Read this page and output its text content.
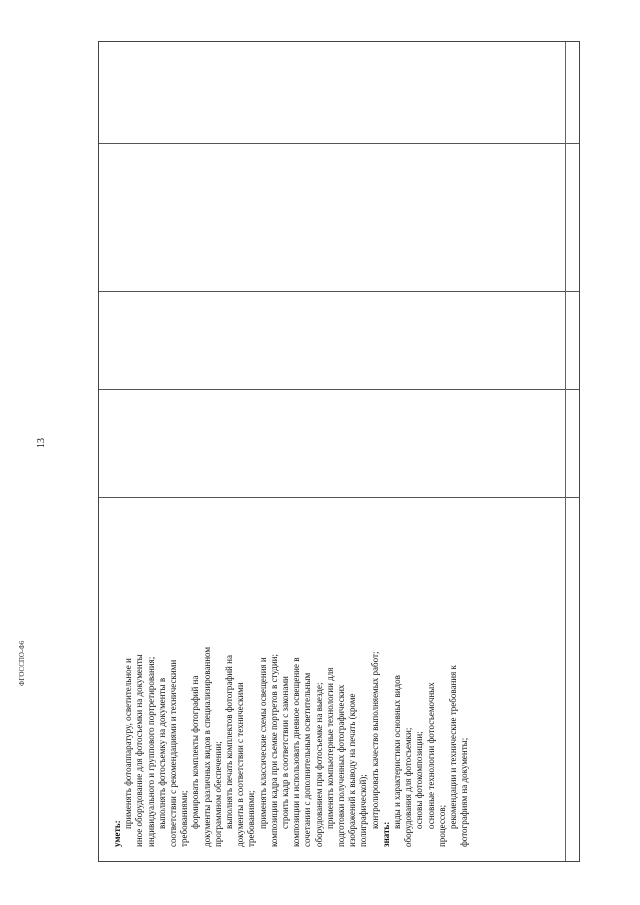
13
ФГОССПО-Ф6
уметь:
применять фотоаппаратуру, осветительное и иное оборудование для фотосъемки на документы индивидуального и группового портретирования; выполнять фотосъемку на документы в соответствии с рекомендациями и техническими требованиями; формировать комплекты фотографий на документы различных видов в специализированном программном обеспечении; выполнять печать комплектов фотографий на документы в соответствии с техническими требованиями; применять классические схемы освещения и композиции кадра при съемке портретов в студии; строить кадр в соответствии с законами композиции и использовать дневное освещение в сочетании с дополнительным осветительным оборудованием при фотосъемке на выезде; применять компьютерные технологии для подготовки полученных фотографических изображений к выводу на печать (кроме полиграфической); контролировать качество выполняемых работ;
знать:
виды и характеристики основных видов оборудования для фотосъемки; основы фотокомпозиции; основные технологии фотосъемочных процессов; рекомендации и технические требования к фотографиям на документы;
